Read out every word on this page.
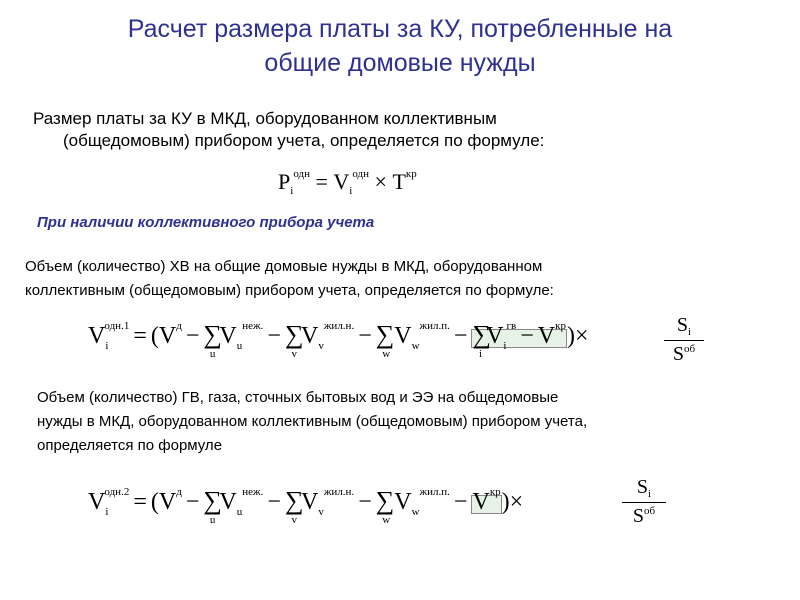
Расчет размера платы за КУ, потребленные на
общие домовые нужды
Размер платы за КУ в МКД, оборудованном коллективным
(общедомовым) прибором учета, определяется по формуле:
$P_i^{одн} = V_i^{одн} \times T^{кр}$
При наличии коллективного прибора учета
Объем (количество) ХВ на общие домовые нужды в МКД, оборудованном
коллективным (общедомовым) прибором учета, определяется по формуле:
$V_i^{одн.1} = (V^д - \sum_uV_u^{неж.} - \sum_vV_v^{жил.н.} - \sum_wV_w^{жил.п.} - \sum_iV_i^{гв} - V^{кр})\times$	$S_i$
$S^{об}$
Объем (количество) ГВ, газа, сточных бытовых вод и ЭЭ на общедомовые
нужды в МКД, оборудованном коллективным (общедомовым) прибором учета,
определяется по формуле
$V_i^{одн.2} = (V^д - \sum_uV_u^{неж.} - \sum_vV_v^{жил.н.} - \sum_wV_w^{жил.п.} - V^{кр})\times$
$S_i$
$S^{об}$
